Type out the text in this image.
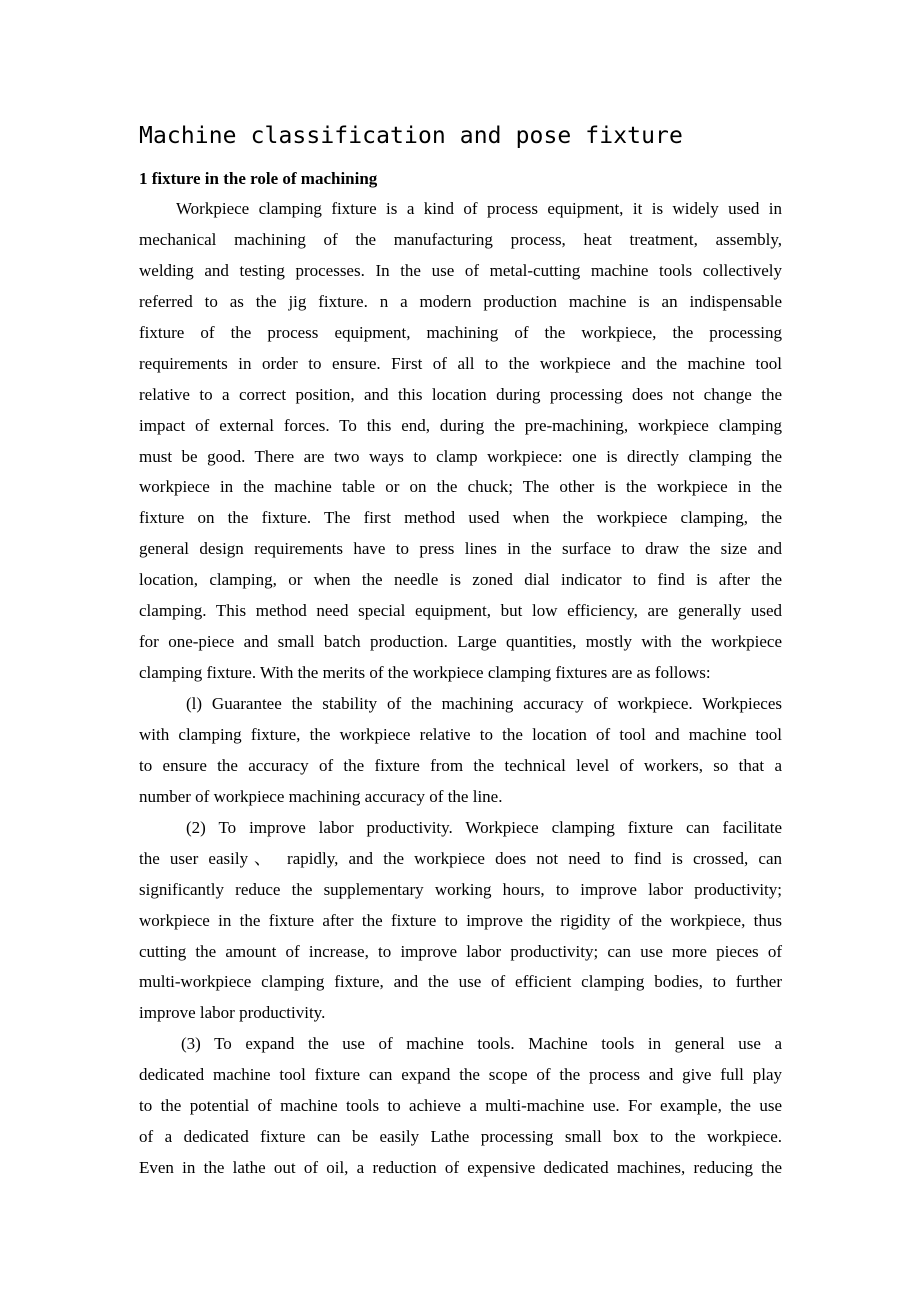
Machine classification and pose fixture
1 fixture in the role of machining
Workpiece clamping fixture is a kind of process equipment, it is widely used in
mechanical machining of the manufacturing process, heat treatment, assembly,
welding and testing processes. In the use of metal-cutting machine tools collectively
referred to as the jig fixture. n a modern production machine is an indispensable
fixture of the process equipment, machining of the workpiece, the processing
requirements in order to ensure. First of all to the workpiece and the machine tool
relative to a correct position, and this location during processing does not change the
impact of external forces. To this end, during the pre-machining, workpiece clamping
must be good. There are two ways to clamp workpiece: one is directly clamping the
workpiece in the machine table or on the chuck; The other is the workpiece in the
fixture on the fixture. The first method used when the workpiece clamping, the
general design requirements have to press lines in the surface to draw the size and
location, clamping, or when the needle is zoned dial indicator to find is after the
clamping. This method need special equipment, but low efficiency, are generally used
for one-piece and small batch production. Large quantities, mostly with the workpiece
clamping fixture. With the merits of the workpiece clamping fixtures are as follows:
(l) Guarantee the stability of the machining accuracy of workpiece. Workpieces
with clamping fixture, the workpiece relative to the location of tool and machine tool
to ensure the accuracy of the fixture from the technical level of workers, so that a
number of workpiece machining accuracy of the line.
(2) To improve labor productivity. Workpiece clamping fixture can facilitate
the user easily、 rapidly, and the workpiece does not need to find is crossed, can
significantly reduce the supplementary working hours, to improve labor productivity;
workpiece in the fixture after the fixture to improve the rigidity of the workpiece, thus
cutting the amount of increase, to improve labor productivity; can use more pieces of
multi-workpiece clamping fixture, and the use of efficient clamping bodies, to further
improve labor productivity.
(3) To expand the use of machine tools. Machine tools in general use a
dedicated machine tool fixture can expand the scope of the process and give full play
to the potential of machine tools to achieve a multi-machine use. For example, the use
of a dedicated fixture can be easily Lathe processing small box to the workpiece.
Even in the lathe out of oil, a reduction of expensive dedicated machines, reducing the
